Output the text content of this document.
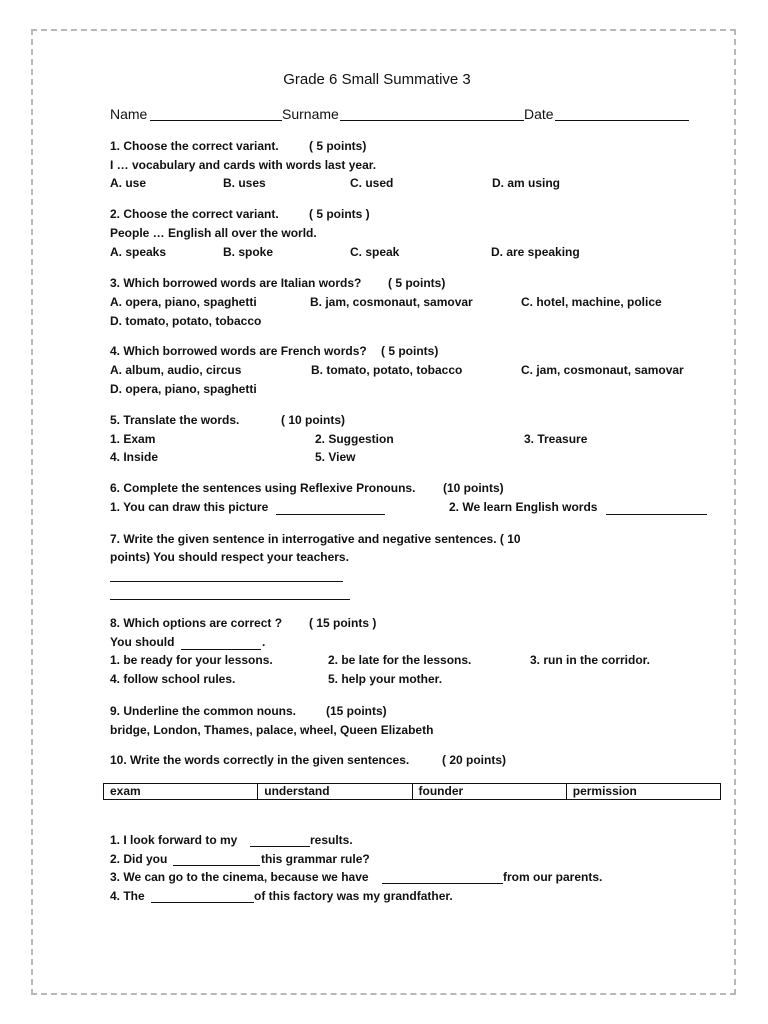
Grade 6 Small Summative 3
Name	Surname	Date
1. Choose the correct variant.	( 5 points)
I … vocabulary and cards with words last year.
A. use	B. uses	C. used	D. am using
2. Choose the correct variant.	( 5 points )
People … English all over the world.
A. speaks	B. spoke	C. speak	D. are speaking
3. Which borrowed words are Italian words? ( 5 points)
A. opera, piano, spaghetti	B. jam, cosmonaut, samovar	C. hotel, machine, police
D. tomato, potato, tobacco
4. Which borrowed words are French words? ( 5 points)
A. album, audio, circus	B. tomato, potato, tobacco	C. jam, cosmonaut, samovar
D. opera, piano, spaghetti
5. Translate the words.	( 10 points)
1. Exam	2. Suggestion	3. Treasure
4. Inside	5. View
6. Complete the sentences using Reflexive Pronouns. (10 points)
1. You can draw this picture	2. We learn English words
7. Write the given sentence in interrogative and negative sentences. ( 10
points) You should respect your teachers.
8. Which options are correct ? ( 15 points )
You should	.
1. be ready for your lessons.	2. be late for the lessons.	3. run in the corridor.
4. follow school rules.	5. help your mother.
9. Underline the common nouns. (15 points)
bridge, London, Thames, palace, wheel, Queen Elizabeth
10. Write the words correctly in the given sentences.	( 20 points)
exam	understand	founder	permission
1. I look forward to my	results.
2. Did you	this grammar rule?
3. We can go to the cinema, because we have	from our parents.
4. The	of this factory was my grandfather.
